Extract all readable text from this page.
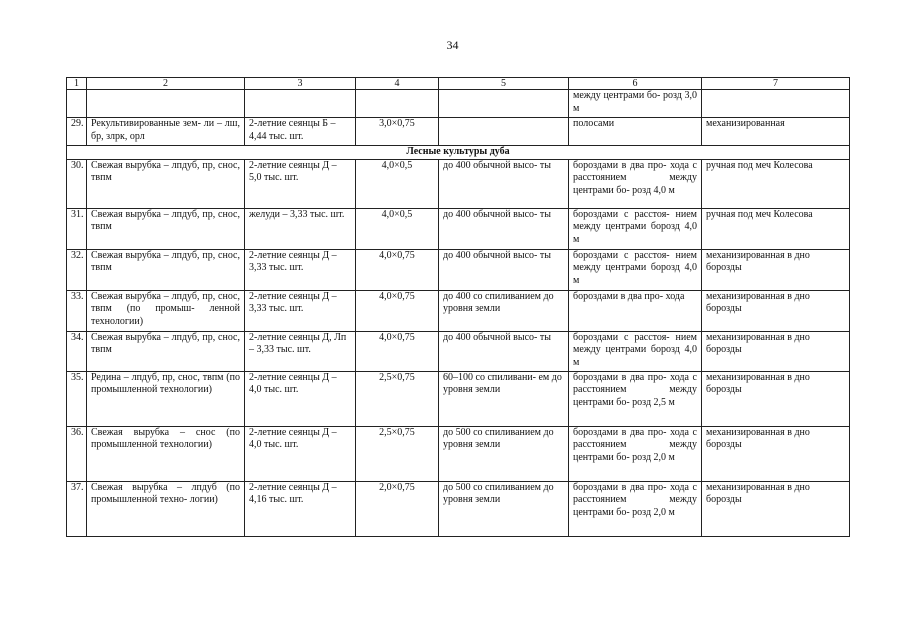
34
1	2	3	4	5	6	7
					между центрами бо- розд 3,0 м	
29.	Рекультивированные зем- ли – лш, бр, злрк, орл	2-летние сеянцы Б – 4,44 тыс. шт.	3,0×0,75		полосами	механизированная
Лесные культуры дуба						
30.	Свежая вырубка – лпдуб, пр, снос, твпм	2-летние сеянцы Д – 5,0 тыс. шт.	4,0×0,5	до 400 обычной высо- ты	бороздами в два про- хода с расстоянием между центрами бо- розд 4,0 м	ручная под меч Колесова
31.	Свежая вырубка – лпдуб, пр, снос, твпм	желуди – 3,33 тыс. шт.	4,0×0,5	до 400 обычной высо- ты	бороздами с расстоя- нием между центрами борозд 4,0 м	ручная под меч Колесова
32.	Свежая вырубка – лпдуб, пр, снос, твпм	2-летние сеянцы Д – 3,33 тыс. шт.	4,0×0,75	до 400 обычной высо- ты	бороздами с расстоя- нием между центрами борозд 4,0 м	механизированная в дно борозды
33.	Свежая вырубка – лпдуб, пр, снос, твпм (по промыш- ленной технологии)	2-летние сеянцы Д – 3,33 тыс. шт.	4,0×0,75	до 400 со спиливанием до уровня земли	бороздами в два про- хода	механизированная в дно борозды
34.	Свежая вырубка – лпдуб, пр, снос, твпм	2-летние сеянцы Д, Лп – 3,33 тыс. шт.	4,0×0,75	до 400 обычной высо- ты	бороздами с расстоя- нием между центрами борозд 4,0 м	механизированная в дно борозды
35.	Редина – лпдуб, пр, снос, твпм (по промышленной технологии)	2-летние сеянцы Д – 4,0 тыс. шт.	2,5×0,75	60–100 со спиливани- ем до уровня земли	бороздами в два про- хода с расстоянием между центрами бо- розд 2,5 м	механизированная в дно борозды
36.	Свежая вырубка – снос (по промышленной технологии)	2-летние сеянцы Д – 4,0 тыс. шт.	2,5×0,75	до 500 со спиливанием до уровня земли	бороздами в два про- хода с расстоянием между центрами бо- розд 2,0 м	механизированная в дно борозды
37.	Свежая вырубка – лпдуб (по промышленной техно- логии)	2-летние сеянцы Д – 4,16 тыс. шт.	2,0×0,75	до 500 со спиливанием до уровня земли	бороздами в два про- хода с расстоянием между центрами бо- розд 2,0 м	механизированная в дно борозды
